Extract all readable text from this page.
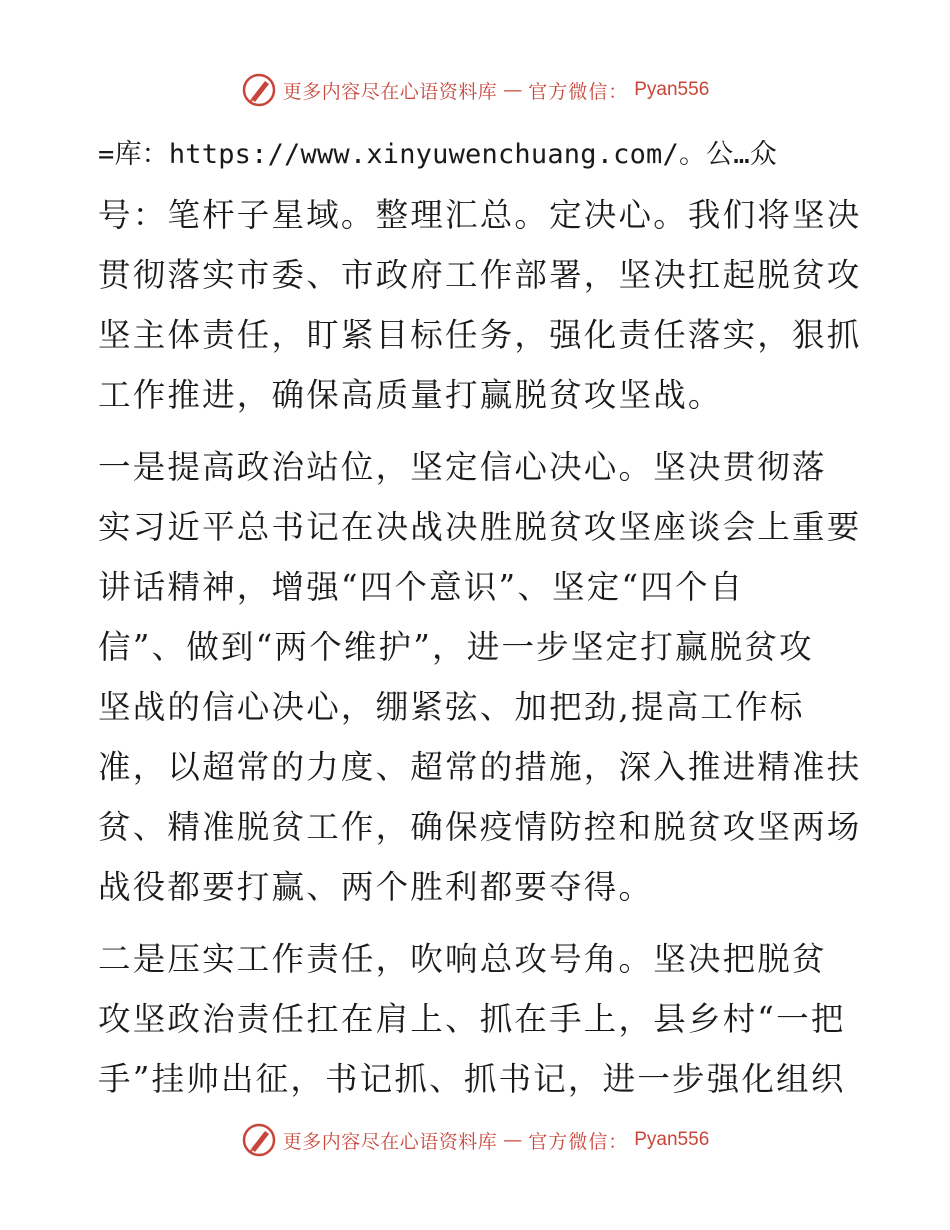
更多内容尽在心语资料库 — 官方微信： Pyan556
=库：https://www.xinyuwenchuang.com/。公…众
号：笔杆子星域。整理汇总。定决心。我们将坚决
贯彻落实市委、市政府工作部署，坚决扛起脱贫攻
坚主体责任，盯紧目标任务，强化责任落实，狠抓
工作推进，确保高质量打赢脱贫攻坚战。
一是提高政治站位，坚定信心决心。坚决贯彻落
实习近平总书记在决战决胜脱贫攻坚座谈会上重要
讲话精神，增强“四个意识”、坚定“四个自
信”、做到“两个维护”，进一步坚定打赢脱贫攻
坚战的信心决心，绷紧弦、加把劲,提高工作标
准，以超常的力度、超常的措施，深入推进精准扶
贫、精准脱贫工作，确保疫情防控和脱贫攻坚两场
战役都要打赢、两个胜利都要夺得。
二是压实工作责任，吹响总攻号角。坚决把脱贫
攻坚政治责任扛在肩上、抓在手上，县乡村“一把
手”挂帅出征，书记抓、抓书记，进一步强化组织
更多内容尽在心语资料库 — 官方微信： Pyan556
